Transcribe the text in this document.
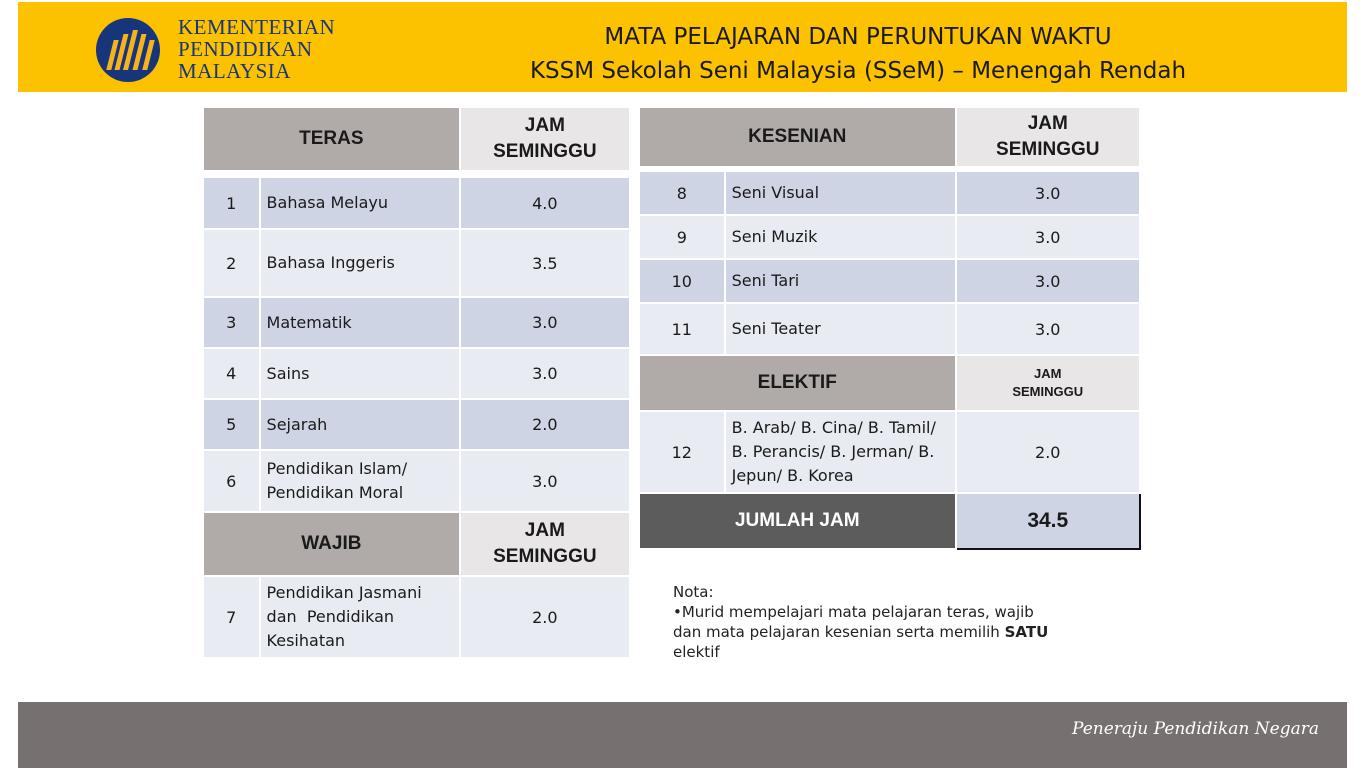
KEMENTERIAN
PENDIDIKAN
MALAYSIA
MATA PELAJARAN DAN PERUNTUKAN WAKTU
KSSM Sekolah Seni Malaysia (SSeM) – Menengah Rendah
TERAS		JAM
SEMINGGU

1	Bahasa Melayu	4.0
2	Bahasa Inggeris	3.5
3	Matematik	3.0
4	Sains	3.0
5	Sejarah	2.0
6	Pendidikan Islam/
Pendidikan Moral	3.0
WAJIB		JAM
SEMINGGU

7	Pendidikan Jasmani
dan  Pendidikan
Kesihatan	2.0
KESENIAN		JAM
SEMINGGU

8	Seni Visual	3.0
9	Seni Muzik	3.0
10	Seni Tari	3.0
11	Seni Teater	3.0
ELEKTIF		JAM
SEMINGGU

12	B. Arab/ B. Cina/ B. Tamil/
B. Perancis/ B. Jerman/ B.
Jepun/ B. Korea	2.0
JUMLAH JAM		34.5
Nota:
•Murid mempelajari mata pelajaran teras, wajib
dan mata pelajaran kesenian serta memilih SATU
elektif
Peneraju Pendidikan Negara
